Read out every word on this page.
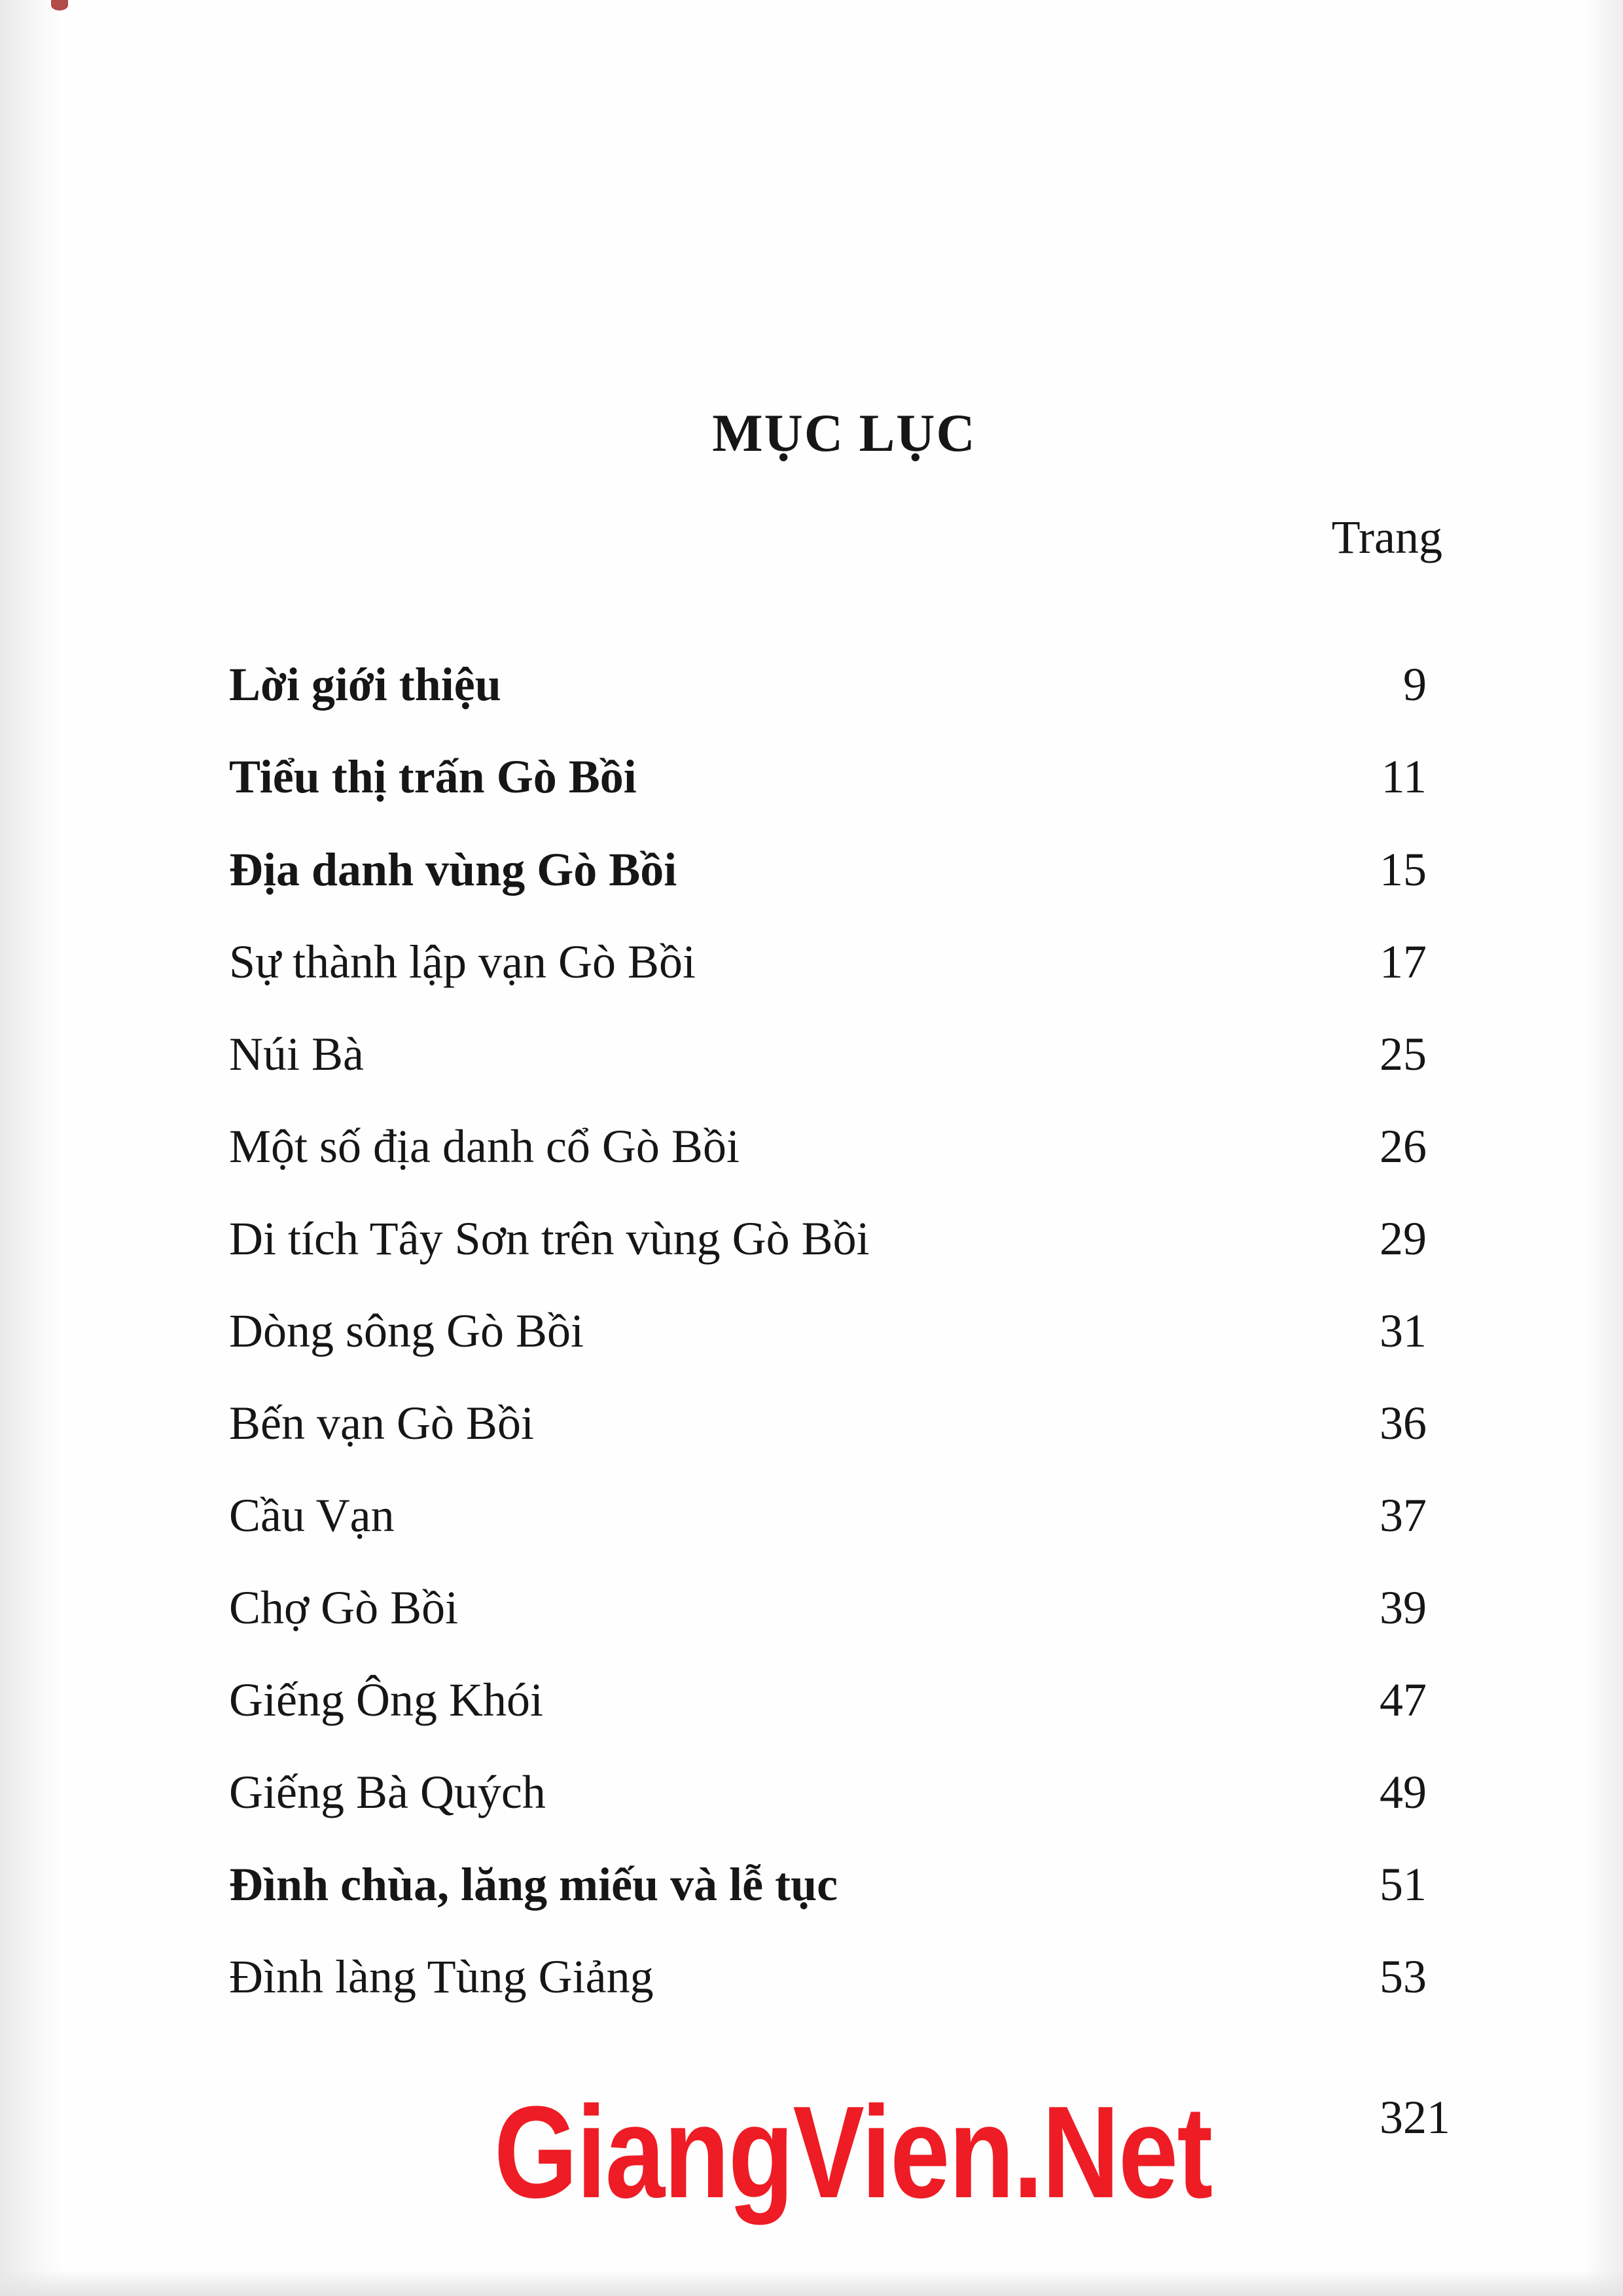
MỤC LỤC
Trang
Lời giới thiệu	9
Tiểu thị trấn Gò Bồi	11
Địa danh vùng Gò Bồi	15
Sự thành lập vạn Gò Bồi	17
Núi Bà	25
Một số địa danh cổ Gò Bồi	26
Di tích Tây Sơn trên vùng Gò Bồi	29
Dòng sông Gò Bồi	31
Bến vạn Gò Bồi	36
Cầu Vạn	37
Chợ Gò Bồi	39
Giếng Ông Khói	47
Giếng Bà Quých	49
Đình chùa, lăng miếu và lễ tục	51
Đình làng Tùng Giảng	53
GiangVien.Net	321
